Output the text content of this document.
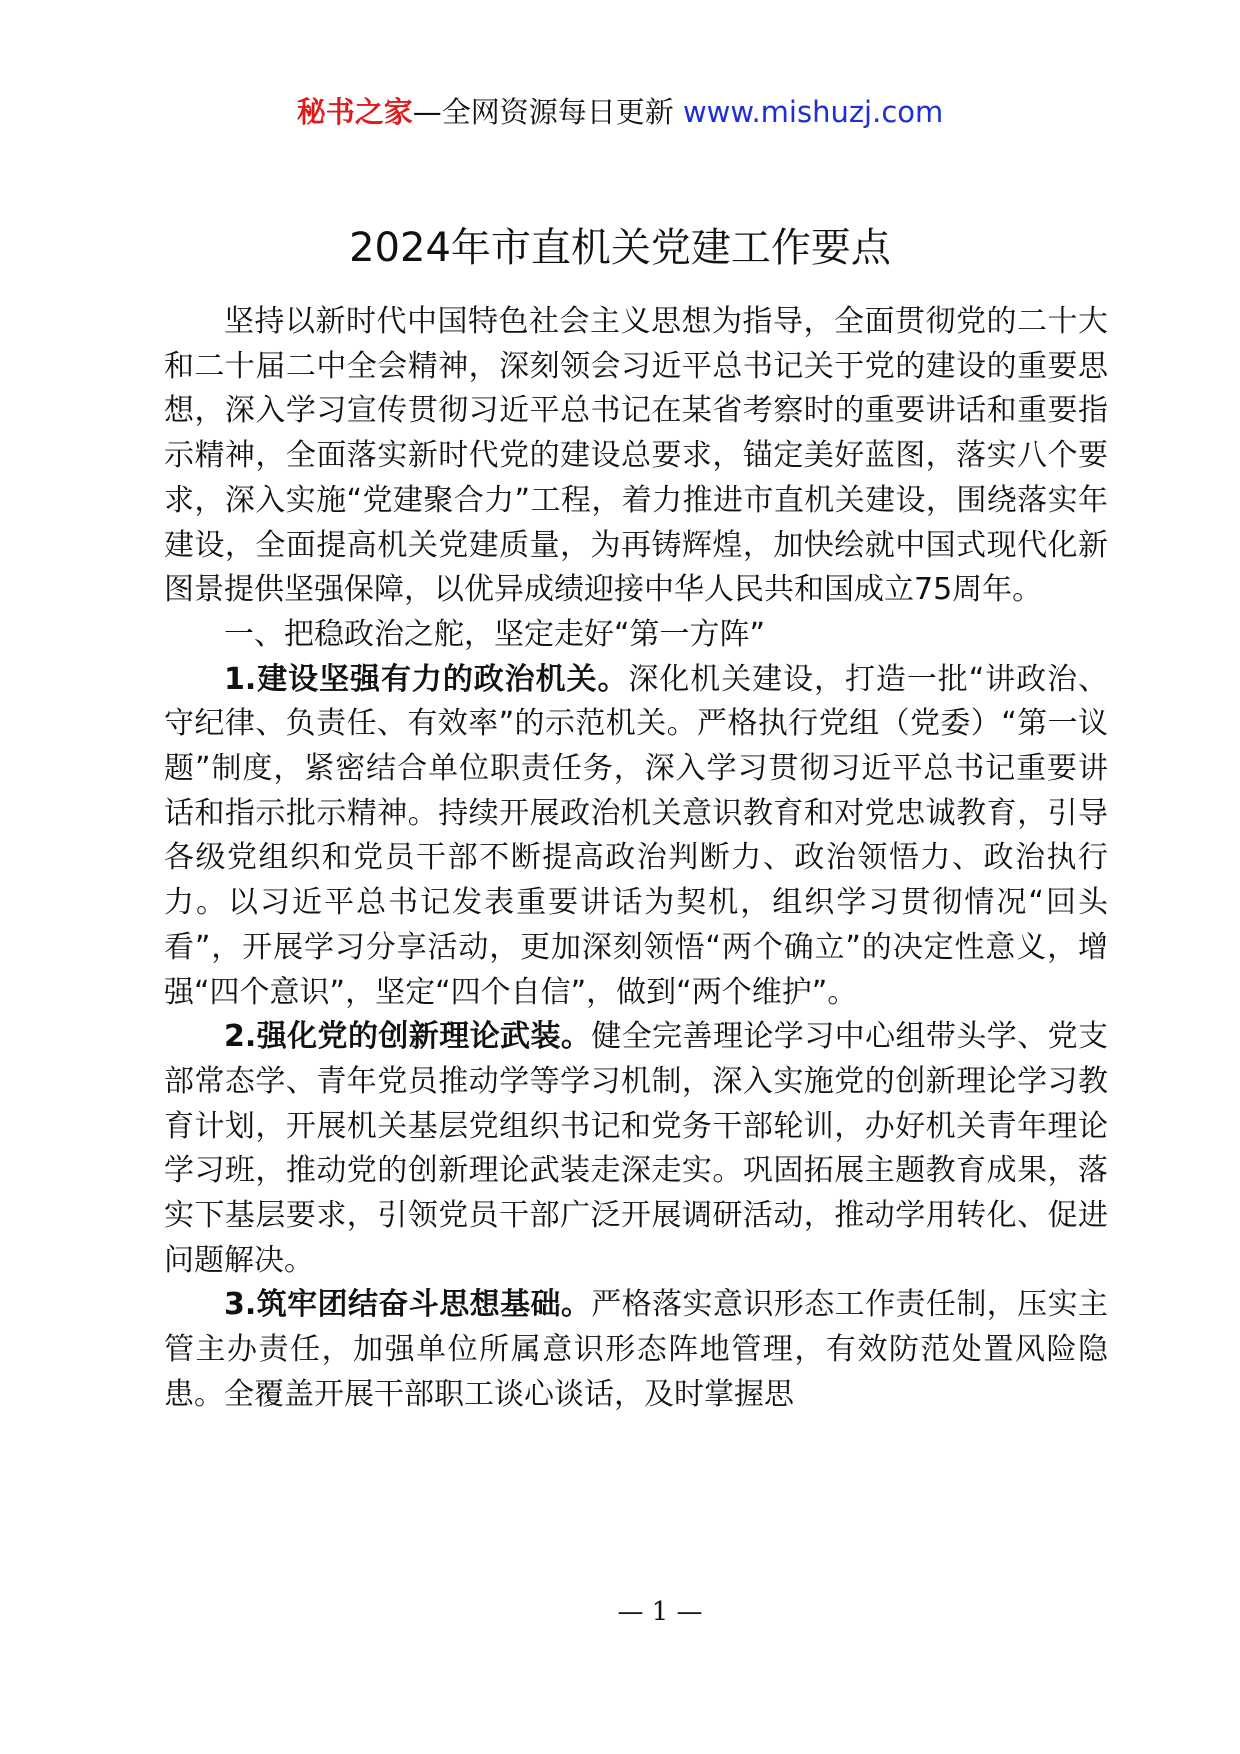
秘书之家—全网资源每日更新 www.mishuzj.com
2024年市直机关党建工作要点

坚持以新时代中国特色社会主义思想为指导，全面贯彻党的二十大和二十届二中全会精神，深刻领会习近平总书记关于党的建设的重要思想，深入学习宣传贯彻习近平总书记在某省考察时的重要讲话和重要指示精神，全面落实新时代党的建设总要求，锚定美好蓝图，落实八个要求，深入实施“党建聚合力”工程，着力推进市直机关建设，围绕落实年建设，全面提高机关党建质量，为再铸辉煌，加快绘就中国式现代化新图景提供坚强保障，以优异成绩迎接中华人民共和国成立75周年。

一、把稳政治之舵，坚定走好“第一方阵”

1.建设坚强有力的政治机关。深化机关建设，打造一批“讲政治、守纪律、负责任、有效率”的示范机关。严格执行党组（党委）“第一议题”制度，紧密结合单位职责任务，深入学习贯彻习近平总书记重要讲话和指示批示精神。持续开展政治机关意识教育和对党忠诚教育，引导各级党组织和党员干部不断提高政治判断力、政治领悟力、政治执行力。以习近平总书记发表重要讲话为契机，组织学习贯彻情况“回头看”，开展学习分享活动，更加深刻领悟“两个确立”的决定性意义，增强“四个意识”，坚定“四个自信”，做到“两个维护”。

2.强化党的创新理论武装。健全完善理论学习中心组带头学、党支部常态学、青年党员推动学等学习机制，深入实施党的创新理论学习教育计划，开展机关基层党组织书记和党务干部轮训，办好机关青年理论学习班，推动党的创新理论武装走深走实。巩固拓展主题教育成果，落实下基层要求，引领党员干部广泛开展调研活动，推动学用转化、促进问题解决。

3.筑牢团结奋斗思想基础。严格落实意识形态工作责任制，压实主管主办责任，加强单位所属意识形态阵地管理，有效防范处置风险隐患。全覆盖开展干部职工谈心谈话，及时掌握思

— 1 —
